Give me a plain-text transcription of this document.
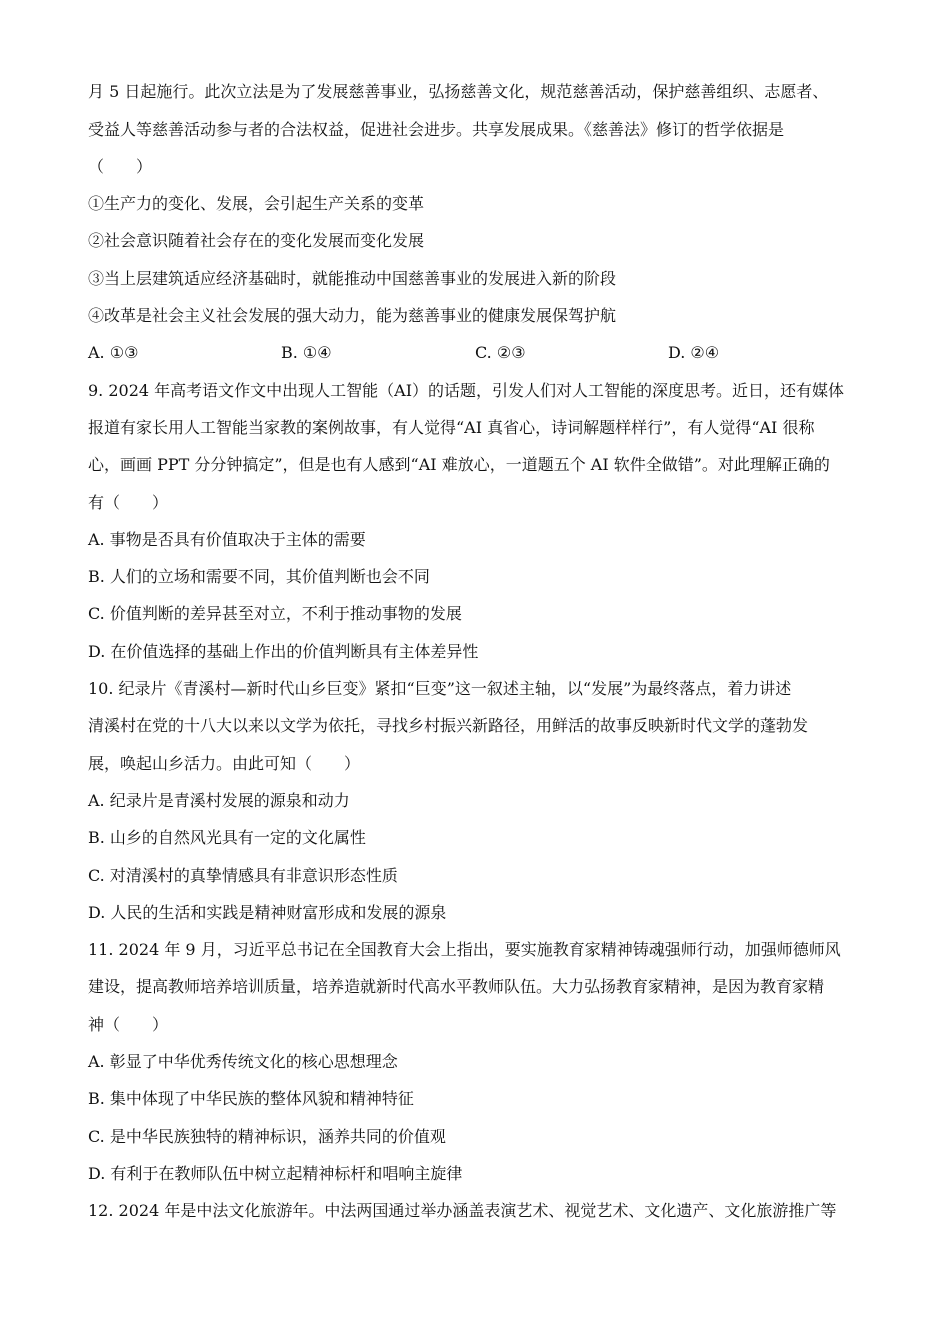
月 5 日起施行。此次立法是为了发展慈善事业，弘扬慈善文化，规范慈善活动，保护慈善组织、志愿者、
受益人等慈善活动参与者的合法权益，促进社会进步。共享发展成果。《慈善法》修订的哲学依据是
（　　）
①生产力的变化、发展，会引起生产关系的变革
②社会意识随着社会存在的变化发展而变化发展
③当上层建筑适应经济基础时，就能推动中国慈善事业的发展进入新的阶段
④改革是社会主义社会发展的强大动力，能为慈善事业的健康发展保驾护航
A. ①③	B. ①④	C. ②③	D. ②④
9. 2024 年高考语文作文中出现人工智能（AI）的话题，引发人们对人工智能的深度思考。近日，还有媒体
报道有家长用人工智能当家教的案例故事，有人觉得“AI 真省心，诗词解题样样行”，有人觉得“AI 很称
心，画画 PPT 分分钟搞定”，但是也有人感到“AI 难放心，一道题五个 AI 软件全做错”。对此理解正确的
有（　　）
A. 事物是否具有价值取决于主体的需要
B. 人们的立场和需要不同，其价值判断也会不同
C. 价值判断的差异甚至对立，不利于推动事物的发展
D. 在价值选择的基础上作出的价值判断具有主体差异性
10. 纪录片《青溪村—新时代山乡巨变》紧扣“巨变”这一叙述主轴，以“发展”为最终落点，着力讲述
清溪村在党的十八大以来以文学为依托，寻找乡村振兴新路径，用鲜活的故事反映新时代文学的蓬勃发
展，唤起山乡活力。由此可知（　　）
A. 纪录片是青溪村发展的源泉和动力
B. 山乡的自然风光具有一定的文化属性
C. 对清溪村的真挚情感具有非意识形态性质
D. 人民的生活和实践是精神财富形成和发展的源泉
11. 2024 年 9 月，习近平总书记在全国教育大会上指出，要实施教育家精神铸魂强师行动，加强师德师风
建设，提高教师培养培训质量，培养造就新时代高水平教师队伍。大力弘扬教育家精神，是因为教育家精
神（　　）
A. 彰显了中华优秀传统文化的核心思想理念
B. 集中体现了中华民族的整体风貌和精神特征
C. 是中华民族独特的精神标识，涵养共同的价值观
D. 有利于在教师队伍中树立起精神标杆和唱响主旋律
12. 2024 年是中法文化旅游年。中法两国通过举办涵盖表演艺术、视觉艺术、文化遗产、文化旅游推广等
